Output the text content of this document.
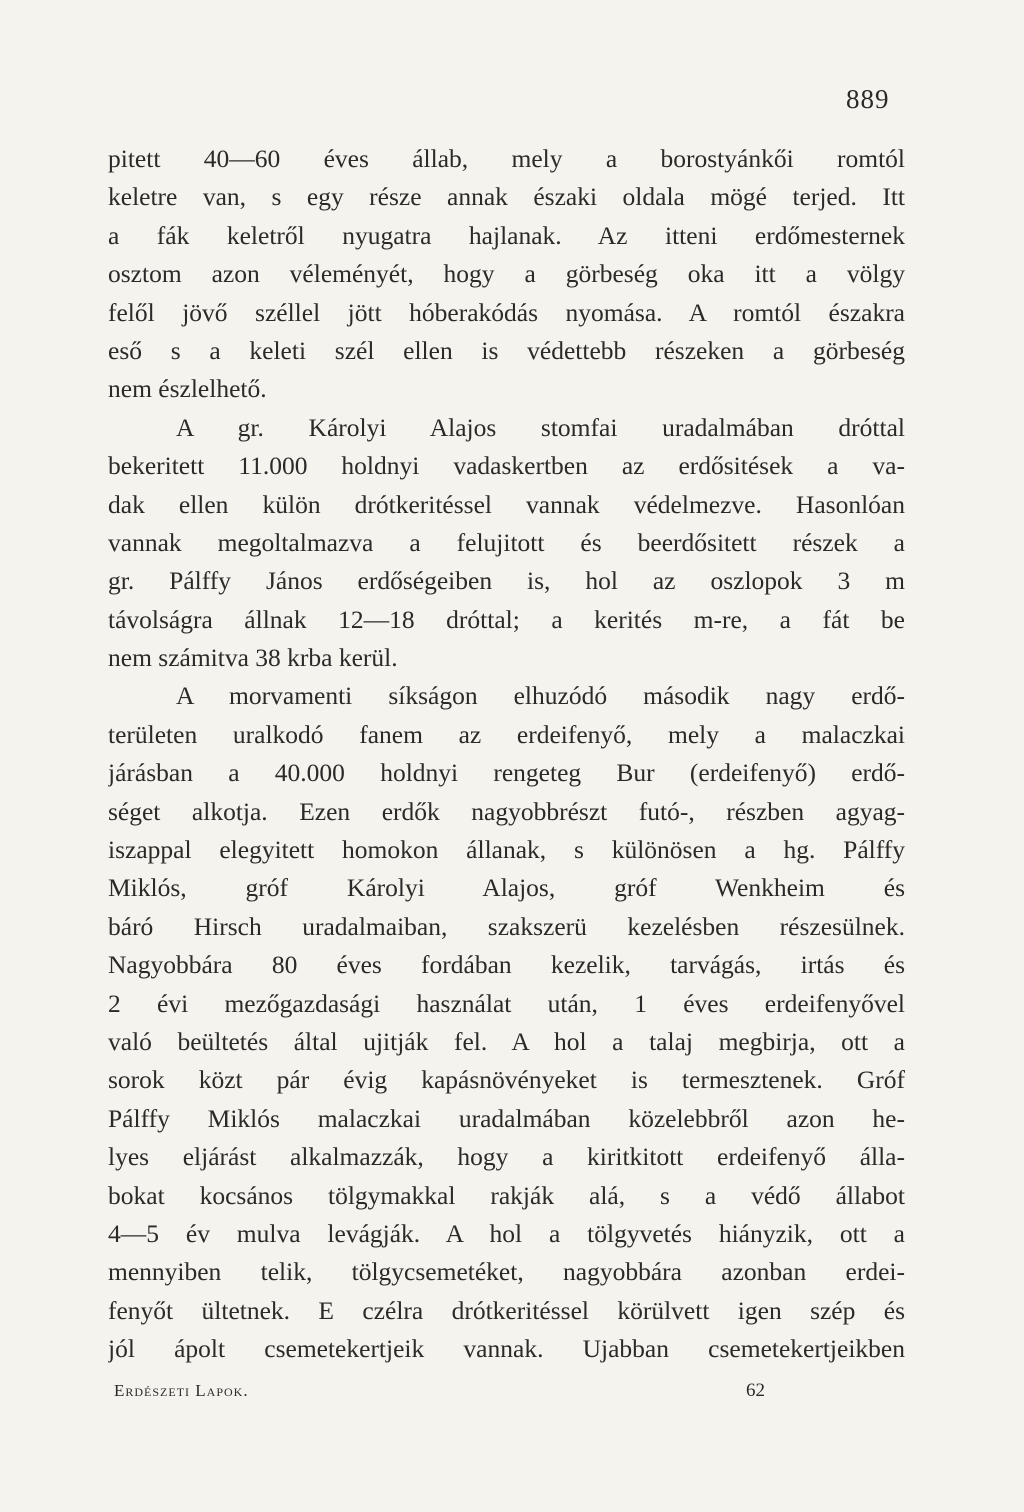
889
pitett 40—60 éves állab, mely a borostyánkői romtól
keletre van, s egy része annak északi oldala mögé terjed. Itt
a fák keletről nyugatra hajlanak. Az itteni erdőmesternek
osztom azon véleményét, hogy a görbeség oka itt a völgy
felől jövő széllel jött hóberakódás nyomása. A romtól északra
eső s a keleti szél ellen is védettebb részeken a görbeség
nem észlelhető.
A gr. Károlyi Alajos stomfai uradalmában dróttal
bekeritett 11.000 holdnyi vadaskertben az erdősitések a va-
dak ellen külön drótkeritéssel vannak védelmezve. Hasonlóan
vannak megoltalmazva a felujitott és beerdősitett részek a
gr. Pálffy János erdőségeiben is, hol az oszlopok 3 m
távolságra állnak 12—18 dróttal; a kerités m-re, a fát be
nem számitva 38 krba kerül.
A morvamenti síkságon elhuzódó második nagy erdő-
területen uralkodó fanem az erdeifenyő, mely a malaczkai
járásban a 40.000 holdnyi rengeteg Bur (erdeifenyő) erdő-
séget alkotja. Ezen erdők nagyobbrészt futó-, részben agyag-
iszappal elegyitett homokon állanak, s különösen a hg. Pálffy
Miklós, gróf Károlyi Alajos, gróf Wenkheim és
báró Hirsch uradalmaiban, szakszerü kezelésben részesülnek.
Nagyobbára 80 éves fordában kezelik, tarvágás, irtás és
2 évi mezőgazdasági használat után, 1 éves erdeifenyővel
való beültetés által ujitják fel. A hol a talaj megbirja, ott a
sorok közt pár évig kapásnövényeket is termesztenek. Gróf
Pálffy Miklós malaczkai uradalmában közelebbről azon he-
lyes eljárást alkalmazzák, hogy a kiritkitott erdeifenyő álla-
bokat kocsános tölgymakkal rakják alá, s a védő állabot
4—5 év mulva levágják. A hol a tölgyvetés hiányzik, ott a
mennyiben telik, tölgycsemetéket, nagyobbára azonban erdei-
fenyőt ültetnek. E czélra drótkeritéssel körülvett igen szép és
jól ápolt csemetekertjeik vannak. Ujabban csemetekertjeikben
Erdészeti Lapok.	62
